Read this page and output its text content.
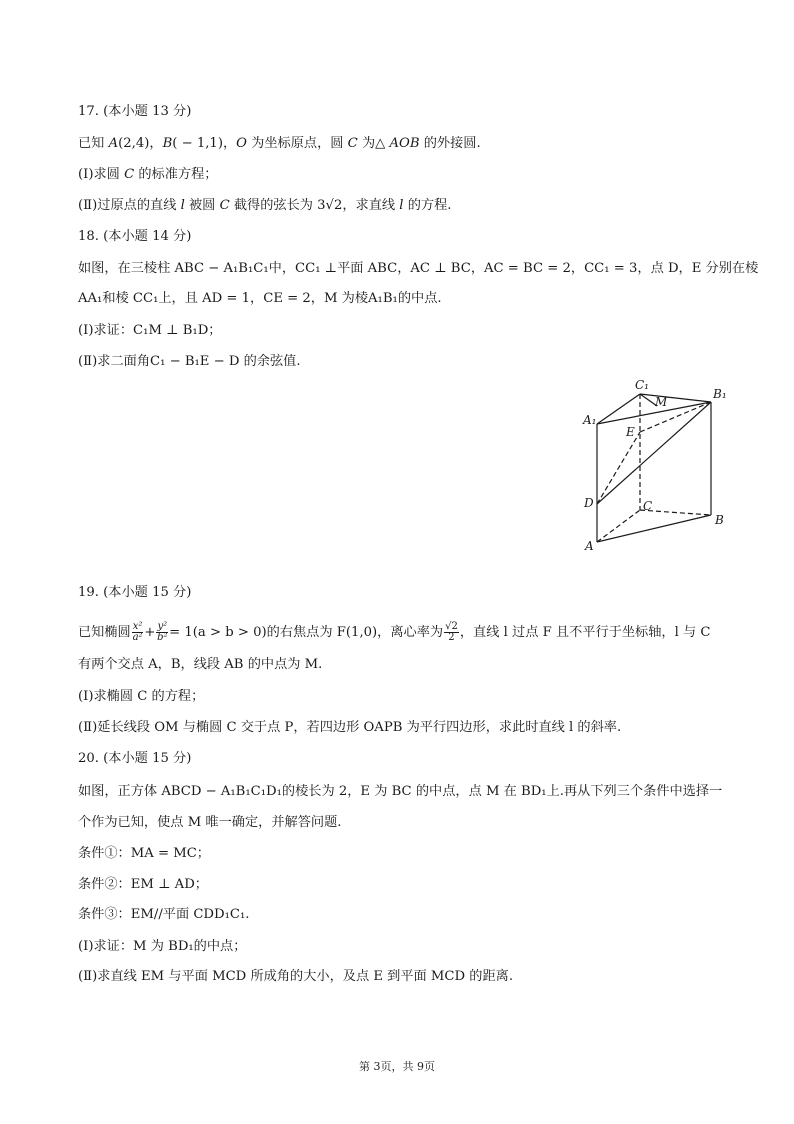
17. (本小题 13 分)
已知 A(2,4)，B( − 1,1)，O 为坐标原点，圆 C 为△ AOB 的外接圆.
(Ⅰ)求圆 C 的标准方程；
(Ⅱ)过原点的直线 l 被圆 C 截得的弦长为 3√2，求直线 l 的方程.
18. (本小题 14 分)
如图，在三棱柱 ABC − A₁B₁C₁中，CC₁ ⊥平面 ABC，AC ⊥ BC，AC = BC = 2，CC₁ = 3，点 D，E 分别在棱
AA₁和棱 CC₁上，且 AD = 1，CE = 2，M 为棱A₁B₁的中点.
(Ⅰ)求证：C₁M ⊥ B₁D；
(Ⅱ)求二面角C₁ − B₁E − D 的余弦值.
C₁
B₁
A₁
M
E
D	C
B
A
19. (本小题 15 分)
已知椭圆 $\frac{\text{x²}}{\text{a²}} + \frac{\text{y²}}{\text{b²}} = 1(a > b > 0)$的右焦点为 F(1,0)，离心率为 $\frac{√2}{2}$ ，直线 l 过点 F 且不平行于坐标轴，l 与 C
有两个交点 A，B，线段 AB 的中点为 M.
(Ⅰ)求椭圆 C 的方程；
(Ⅱ)延长线段 OM 与椭圆 C 交于点 P，若四边形 OAPB 为平行四边形，求此时直线 l 的斜率.
20. (本小题 15 分)
如图，正方体 ABCD − A₁B₁C₁D₁的棱长为 2，E 为 BC 的中点，点 M 在 BD₁上.再从下列三个条件中选择一
个作为已知，使点 M 唯一确定，并解答问题.
条件①：MA = MC；
条件②：EM ⊥ AD；
条件③：EM//平面 CDD₁C₁.
(Ⅰ)求证：M 为 BD₁的中点；
(Ⅱ)求直线 EM 与平面 MCD 所成角的大小，及点 E 到平面 MCD 的距离.
第 3页，共 9页
